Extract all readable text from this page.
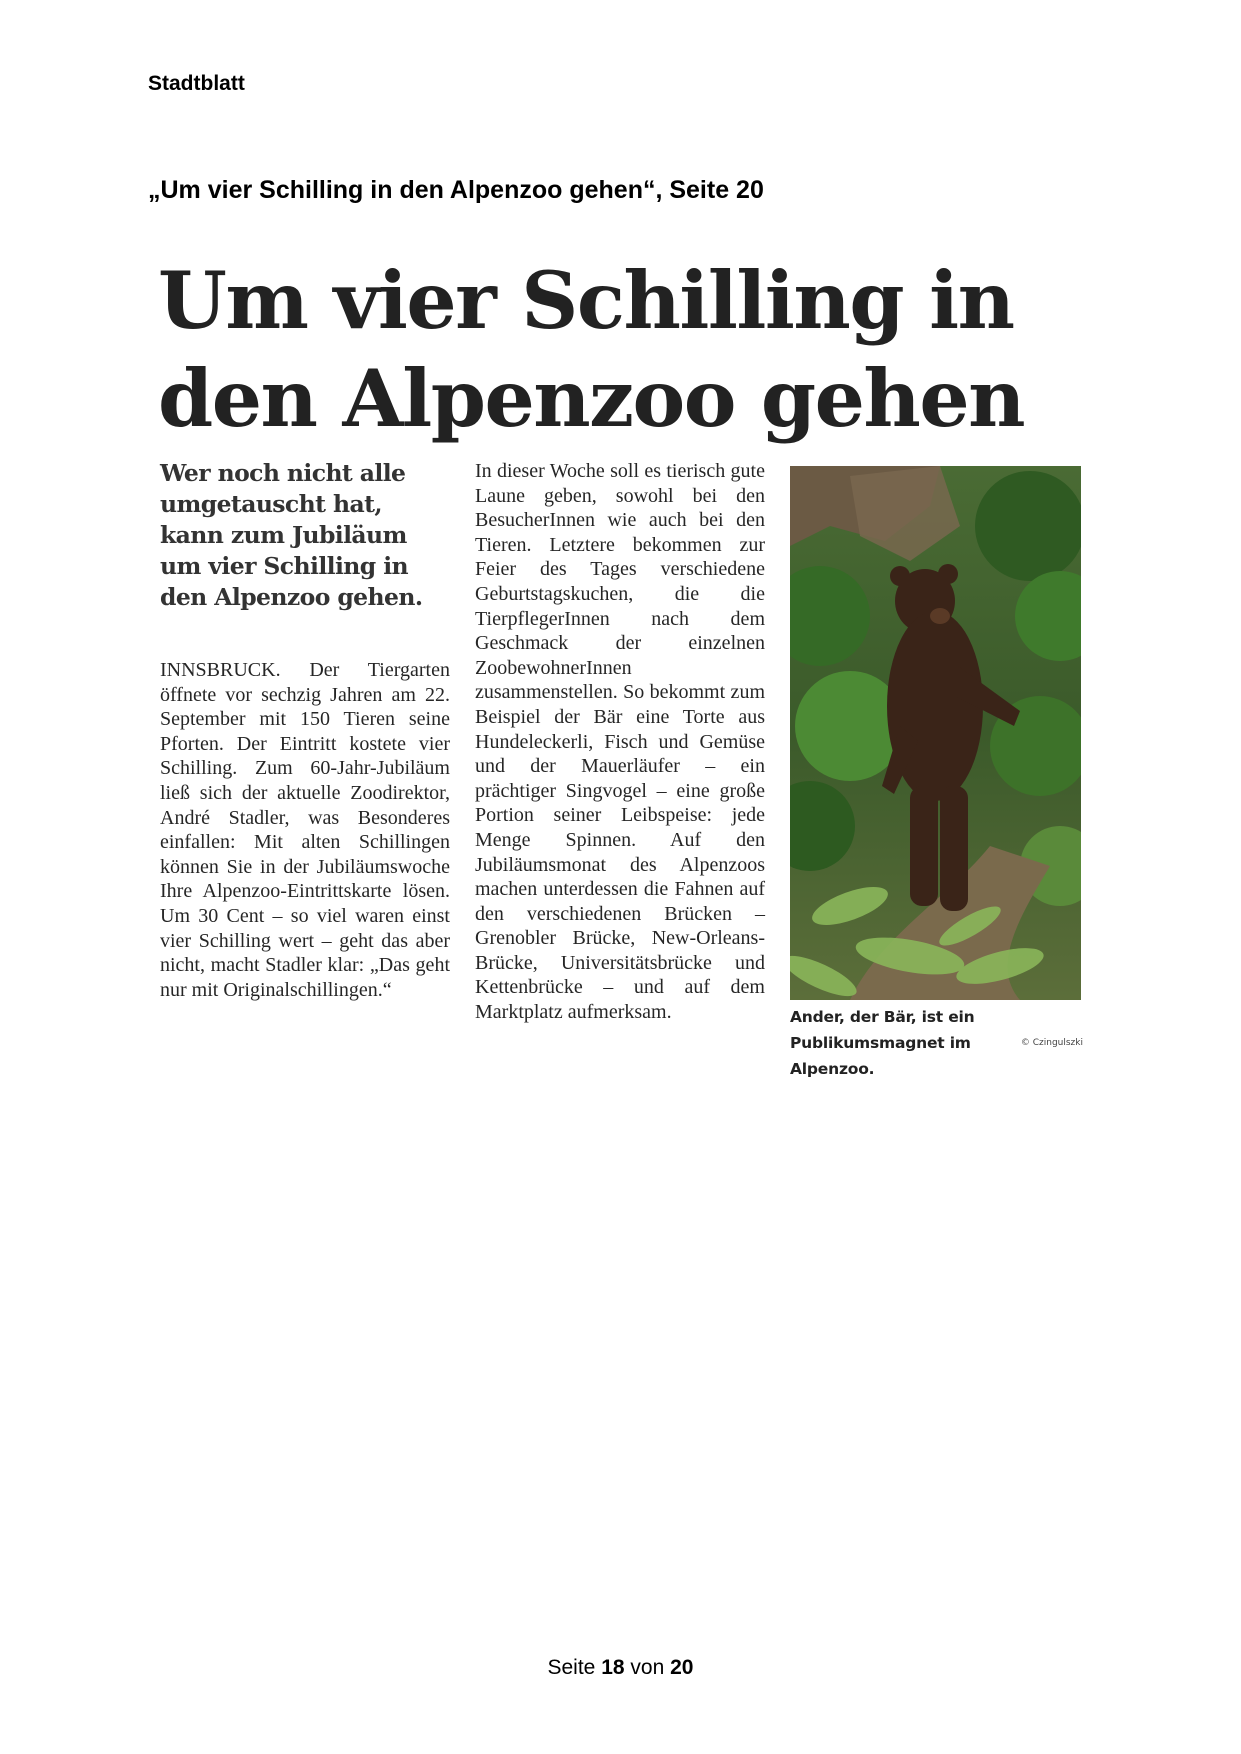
Stadtblatt
„Um vier Schilling in den Alpenzoo gehen“, Seite 20
Um vier Schilling in den Alpenzoo gehen

Wer noch nicht alle umgetauscht hat, kann zum Jubiläum um vier Schilling in den Alpenzoo gehen.

INNSBRUCK. Der Tiergarten öffnete vor sechzig Jahren am 22. September mit 150 Tieren seine Pforten. Der Eintritt kostete vier Schilling. Zum 60-Jahr-Jubiläum ließ sich der aktuelle Zoodirektor, André Stadler, was Besonderes einfallen: Mit alten Schillingen können Sie in der Jubiläumswoche Ihre Alpenzoo-Eintrittskarte lösen. Um 30 Cent – so viel waren einst vier Schilling wert – geht das aber nicht, macht Stadler klar: „Das geht nur mit Originalschillingen.“

In dieser Woche soll es tierisch gute Laune geben, sowohl bei den BesucherInnen wie auch bei den Tieren. Letztere bekommen zur Feier des Tages verschiedene Geburtstagskuchen, die die TierpflegerInnen nach dem Geschmack der einzelnen ZoobewohnerInnen zusammenstellen. So bekommt zum Beispiel der Bär eine Torte aus Hundeleckerli, Fisch und Gemüse und der Mauerläufer – ein prächtiger Singvogel – eine große Portion seiner Leibspeise: jede Menge Spinnen. Auf den Jubiläumsmonat des Alpenzoos machen unterdessen die Fahnen auf den verschiedenen Brücken – Grenobler Brücke, New-Orleans-Brücke, Universitätsbrücke und Kettenbrücke – und auf dem Marktplatz aufmerksam.	Ander, der Bär, ist ein Publikumsmagnet im Alpenzoo.

© Czingulszki
Seite 18 von 20
